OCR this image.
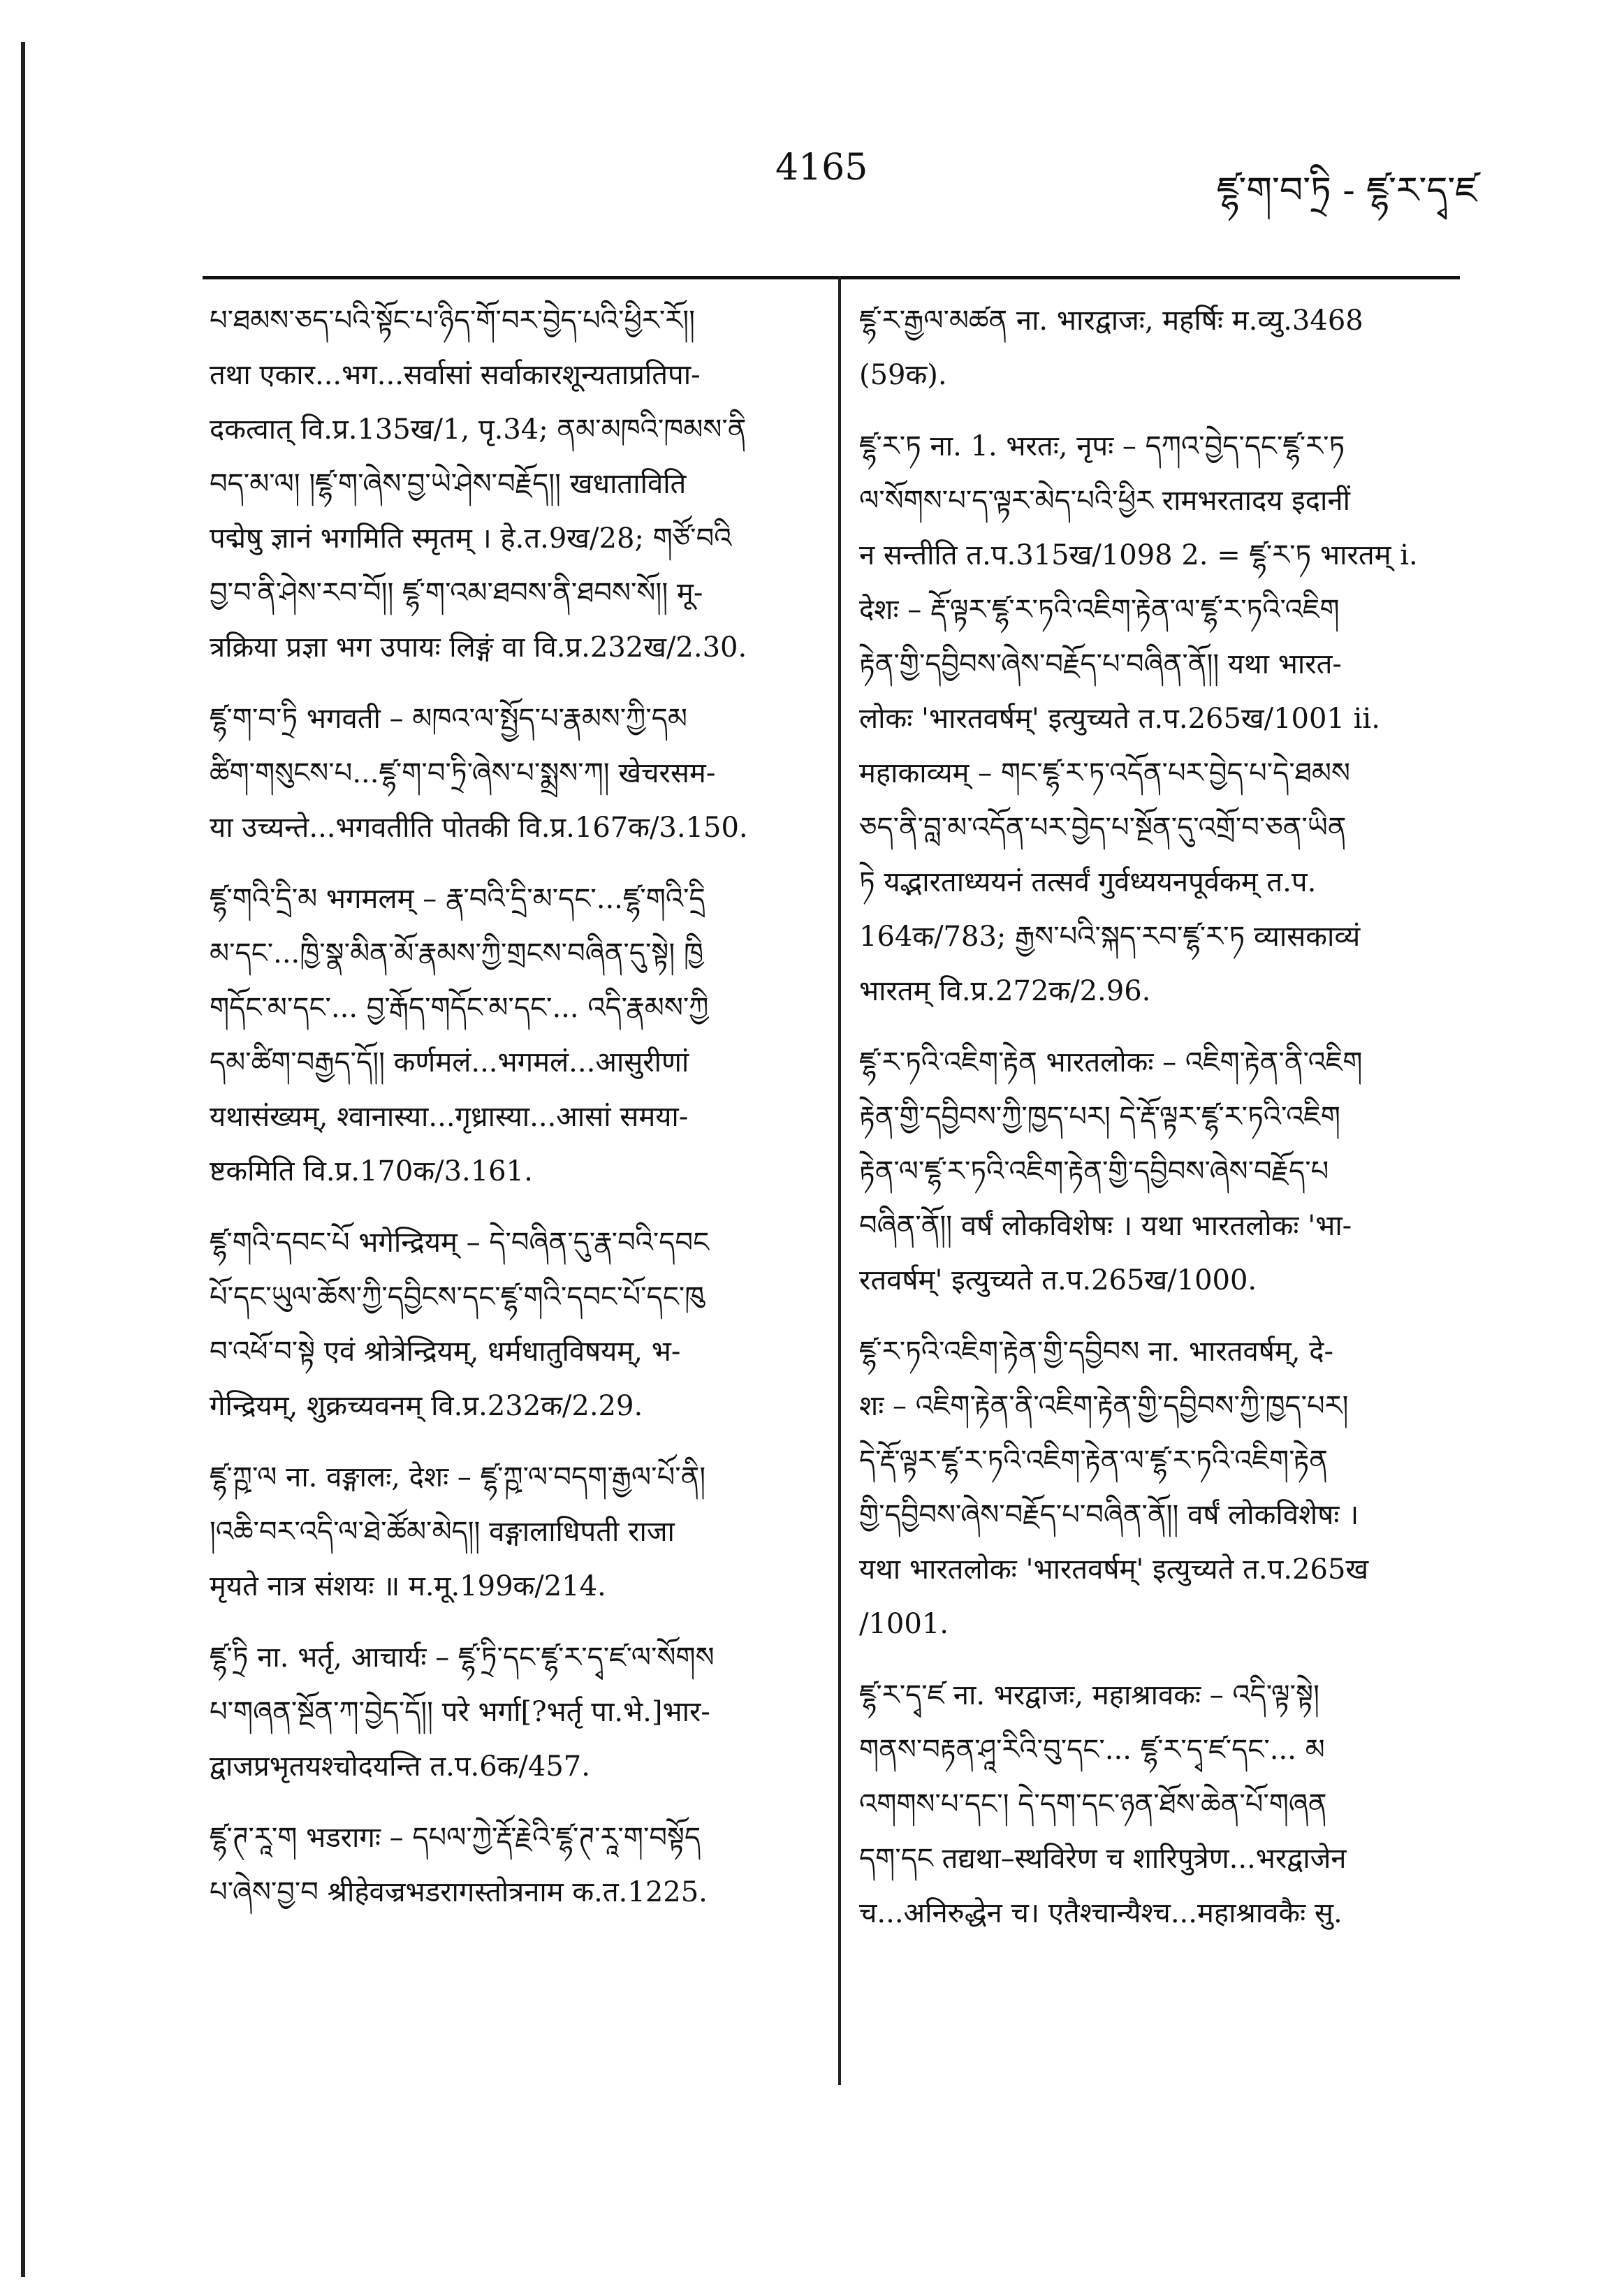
4165
ཛྷ་ག་བ་ཏྲི - ཛྷ་ར་དྭ་ཛ

པ་ཐམས་ཅད་པའི་སྟོང་པ་ཉིད་གོ་བར་བྱེད་པའི་ཕྱིར་རོ།།

तथा एकार...भग...सर्वासां सर्वाकारशून्यताप्रतिपा-

दकत्वात् वि.प्र.135ख/1, पृ.34; ནམ་མཁའི་ཁམས་ནི

བད་མ་ལ། །ཛྷ་ག་ཞེས་བྱ་ཡེ་ཤེས་བརྗོད།། खधाताविति

पद्मेषु ज्ञानं भगमिति स्मृतम् । हे.त.9ख/28; གཙོ་བའི

བྱ་བ་ནི་ཤེས་རབ་བོ།། ཛྷ་ག་འམ་ཐབས་ནི་ཐབས་སོ།། मू-

त्रक्रिया प्रज्ञा भग उपायः लिङ्गं वा वि.प्र.232ख/2.30.

ཛྷ་ག་བ་ཏྲི भगवती – མཁའ་ལ་སྤྱོད་པ་རྣམས་ཀྱི་དམ

ཚིག་གསུངས་པ...ཛྷ་ག་བ་ཏྲི་ཞེས་པ་སྨྲས་ཀ། खेचरसम-

या उच्यन्ते...भगवतीति पोतकी वि.प्र.167क/3.150.

ཛྷ་གའི་དྲི་མ भगमलम् – རྣ་བའི་དྲི་མ་དང་...ཛྷ་གའི་དྲི

མ་དང་...ཁྱི་སྣ་མིན་མོ་རྣམས་ཀྱི་གྲངས་བཞིན་དུ་སྟེ། ཁྱི

གདོང་མ་དང་... བྱ་རྒོད་གདོང་མ་དང་... འདི་རྣམས་ཀྱི

དམ་ཚིག་བརྒྱད་དོ།། कर्णमलं...भगमलं...आसुरीणां

यथासंख्यम्, श्वानास्या...गृध्रास्या...आसां समया-

ष्टकमिति वि.प्र.170क/3.161.

ཛྷ་གའི་དབང་པོ भगेन्द्रियम् – དེ་བཞིན་དུ་རྣ་བའི་དབང

པོ་དང་ཡུལ་ཆོས་ཀྱི་དབྱིངས་དང་ཛྷ་གའི་དབང་པོ་དང་ཁུ

བ་འཕོ་བ་སྟེ एवं श्रोत्रेन्द्रियम्, धर्मधातुविषयम्, भ-

गेन्द्रियम्, शुक्रच्यवनम् वि.प्र.232क/2.29.

ཛྷ་ཀྵ་ལ ना. वङ्गालः, देशः – ཛྷ་ཀྵ་ལ་བདག་རྒྱལ་པོ་ནི།

།འཆི་བར་འདི་ལ་ཐེ་ཚོམ་མེད།། वङ्गालाधिपती राजा

मृयते नात्र संशयः ॥ म.मू.199क/214.

ཛྷ་ཏྲི ना. भर्तृ, आचार्यः – ཛྷ་ཏྲི་དང་ཛྷ་ར་དྭ་ཛ་ལ་སོགས

པ་གཞན་སྔོན་ཀ་བྱེད་དོ།། परे भर्गा[?भर्तृ पा.भे.]भार-

द्वाजप्रभृतयश्चोदयन्ति त.प.6क/457.

ཛྷ་ཊ་རཱ་ག भडरागः – དཔལ་ཀྱེ་རྡོ་རྗེའི་ཛྷ་ཊ་རཱ་ག་བསྟོད

པ་ཞེས་བྱ་བ श्रीहेवज्रभडरागस्तोत्रनाम क.त.1225.

ཛྷ་ར་རྒྱལ་མཚན ना. भारद्वाजः, महर्षिः म.व्यु.3468

(59क).

ཛྷ་ར་ཏ ना. 1. भरतः, नृपः – དཀའ་བྱེད་དང་ཛྷ་ར་ཏ

ལ་སོགས་པ་ད་ལྟར་མེད་པའི་ཕྱིར रामभरतादय इदानीं

न सन्तीति त.प.315ख/1098 2. = ཛྷ་ར་ཏ भारतम् i.

देशः – རྡོ་ལྟར་ཛྷ་ར་ཏའི་འཇིག་རྟེན་ལ་ཛྷ་ར་ཏའི་འཇིག

རྟེན་གྱི་དབྱིབས་ཞེས་བརྗོད་པ་བཞིན་ནོ།། यथा भारत-

लोकः 'भारतवर्षम्' इत्युच्यते त.प.265ख/1001 ii.

महाकाव्यम् – གང་ཛྷ་ར་ཏ་འདོན་པར་བྱེད་པ་དེ་ཐམས

ཅད་ནི་བླ་མ་འདོན་པར་བྱེད་པ་སྔོན་དུ་འགྲོ་བ་ཅན་ཡིན

ཏེ यद्भारताध्ययनं तत्सर्वं गुर्वध्ययनपूर्वकम् त.प.

164क/783; རྒྱས་པའི་སྐད་རབ་ཛྷ་ར་ཏ व्यासकाव्यं

भारतम् वि.प्र.272क/2.96.

ཛྷ་ར་ཏའི་འཇིག་རྟེན भारतलोकः – འཇིག་རྟེན་ནི་འཇིག

རྟེན་གྱི་དབྱིབས་ཀྱི་ཁྱད་པར། དེ་རྡོ་ལྟར་ཛྷ་ར་ཏའི་འཇིག

རྟེན་ལ་ཛྷ་ར་ཏའི་འཇིག་རྟེན་གྱི་དབྱིབས་ཞེས་བརྗོད་པ

བཞིན་ནོ།། वर्षं लोकविशेषः । यथा भारतलोकः 'भा-

रतवर्षम्' इत्युच्यते त.प.265ख/1000.

ཛྷ་ར་ཏའི་འཇིག་རྟེན་གྱི་དབྱིབས ना. भारतवर्षम्, दे-

शः – འཇིག་རྟེན་ནི་འཇིག་རྟེན་གྱི་དབྱིབས་ཀྱི་ཁྱད་པར།

དེ་རྡོ་ལྟར་ཛྷ་ར་ཏའི་འཇིག་རྟེན་ལ་ཛྷ་ར་ཏའི་འཇིག་རྟེན

གྱི་དབྱིབས་ཞེས་བརྗོད་པ་བཞིན་ནོ།། वर्षं लोकविशेषः ।

यथा भारतलोकः 'भारतवर्षम्' इत्युच्यते त.प.265ख

/1001.

ཛྷ་ར་དྭ་ཛ ना. भरद्वाजः, महाश्रावकः – འདི་ལྟ་སྟེ།

གནས་བརྟན་ཤཱ་རིའི་བུ་དང་... ཛྷ་ར་དྭ་ཛ་དང་... མ

འགགས་པ་དང་། དེ་དག་དང་ཉན་ཐོས་ཆེན་པོ་གཞན

དག་དང तद्यथा–स्थविरेण च शारिपुत्रेण...भरद्वाजेन

च...अनिरुद्धेन च। एतैश्चान्यैश्च...महाश्रावकैः सु.
